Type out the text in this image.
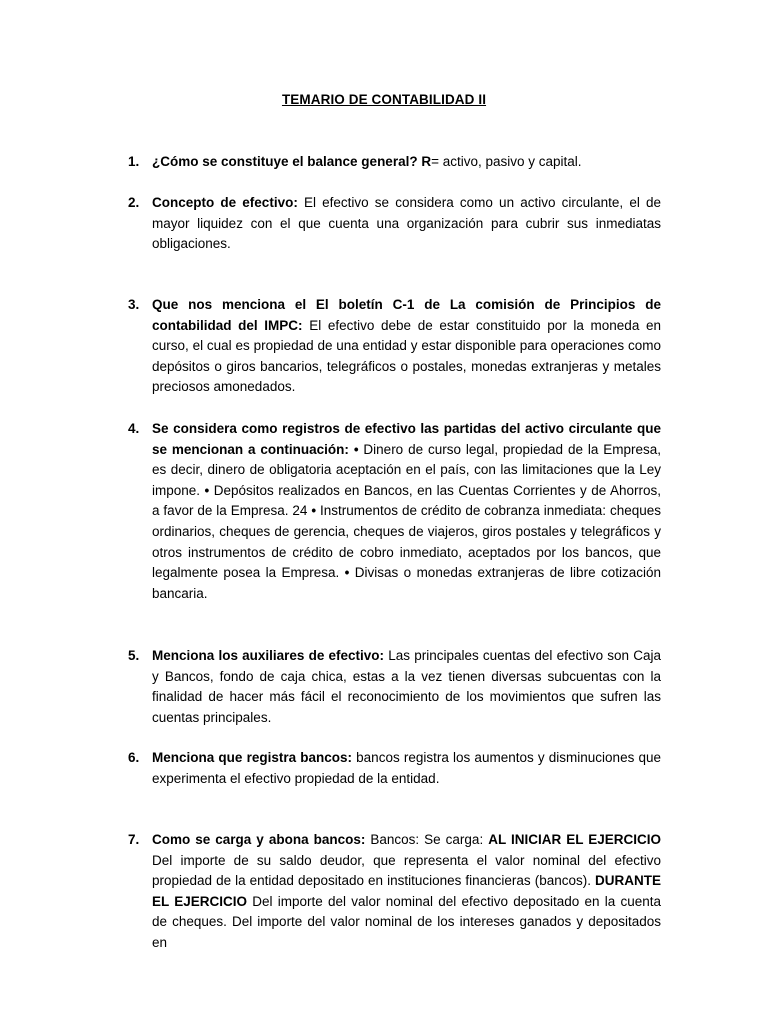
TEMARIO DE CONTABILIDAD II
1. ¿Cómo se constituye el balance general? R= activo, pasivo y capital.
2. Concepto de efectivo: El efectivo se considera como un activo circulante, el de mayor liquidez con el que cuenta una organización para cubrir sus inmediatas obligaciones.
3. Que nos menciona el El boletín C-1 de La comisión de Principios de contabilidad del IMPC: El efectivo debe de estar constituido por la moneda en curso, el cual es propiedad de una entidad y estar disponible para operaciones como depósitos o giros bancarios, telegráficos o postales, monedas extranjeras y metales preciosos amonedados.
4. Se considera como registros de efectivo las partidas del activo circulante que se mencionan a continuación: • Dinero de curso legal, propiedad de la Empresa, es decir, dinero de obligatoria aceptación en el país, con las limitaciones que la Ley impone. • Depósitos realizados en Bancos, en las Cuentas Corrientes y de Ahorros, a favor de la Empresa. 24 • Instrumentos de crédito de cobranza inmediata: cheques ordinarios, cheques de gerencia, cheques de viajeros, giros postales y telegráficos y otros instrumentos de crédito de cobro inmediato, aceptados por los bancos, que legalmente posea la Empresa. • Divisas o monedas extranjeras de libre cotización bancaria.
5. Menciona los auxiliares de efectivo: Las principales cuentas del efectivo son Caja y Bancos, fondo de caja chica, estas a la vez tienen diversas subcuentas con la finalidad de hacer más fácil el reconocimiento de los movimientos que sufren las cuentas principales.
6. Menciona que registra bancos: bancos registra los aumentos y disminuciones que experimenta el efectivo propiedad de la entidad.
7. Como se carga y abona bancos: Bancos: Se carga: AL INICIAR EL EJERCICIO Del importe de su saldo deudor, que representa el valor nominal del efectivo propiedad de la entidad depositado en instituciones financieras (bancos). DURANTE EL EJERCICIO Del importe del valor nominal del efectivo depositado en la cuenta de cheques. Del importe del valor nominal de los intereses ganados y depositados en
